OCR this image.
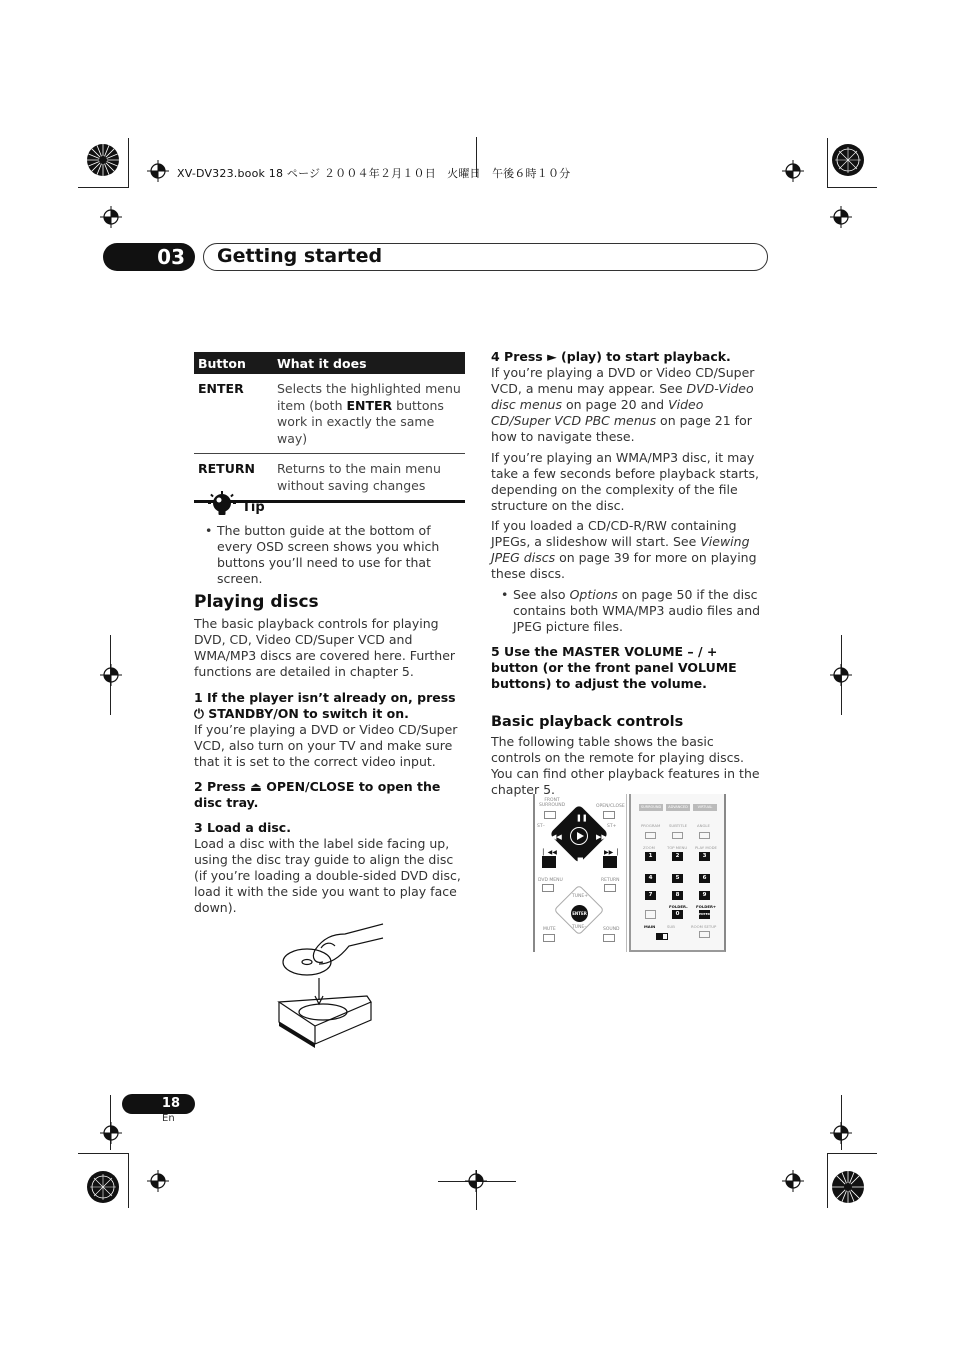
XV-DV323.book 18 ページ ２００４年２月１０日　火曜日　午後６時１０分
03	Getting started
Button	What it does
ENTER	Selects the highlighted menu item (both ENTER buttons work in exactly the same way)
RETURN	Returns to the main menu without saving changes
Tip
• The button guide at the bottom of every OSD screen shows you which buttons you’ll need to use for that screen.
Playing discs
The basic playback controls for playing DVD, CD, Video CD/Super VCD and WMA/MP3 discs are covered here. Further functions are detailed in chapter 5.
1 If the player isn’t already on, press ⏻ STANDBY/ON to switch it on.
If you’re playing a DVD or Video CD/Super VCD, also turn on your TV and make sure that it is set to the correct video input.
2 Press ⏏ OPEN/CLOSE to open the disc tray.
3 Load a disc.
Load a disc with the label side facing up, using the disc tray guide to align the disc (if you’re loading a double-sided DVD disc, load it with the side you want to play face down).
4 Press ► (play) to start playback.
If you’re playing a DVD or Video CD/Super VCD, a menu may appear. See DVD-Video disc menus on page 20 and Video CD/Super VCD PBC menus on page 21 for how to navigate these.
If you’re playing an WMA/MP3 disc, it may take a few seconds before playback starts, depending on the complexity of the file structure on the disc.
If you loaded a CD/CD-R/RW containing JPEGs, a slideshow will start. See Viewing JPEG discs on page 39 for more on playing these discs.
• See also Options on page 50 if the disc contains both WMA/MP3 audio files and JPEG picture files.
5 Use the MASTER VOLUME – / + button (or the front panel VOLUME buttons) to adjust the volume.
Basic playback controls
The following table shows the basic controls on the remote for playing discs. You can find other playback features in the chapter 5.
FRONT SURROUND	OPEN/CLOSE
ST–	ST+
❚❚
■
◀◀	▶▶
▏◀◀	▶▶▕
DVD MENU	RETURN
TUNE+
TUNE–
ENTER
MUTE	SOUND
SURROUND	ADVANCED	VIRTUAL
PROGRAM SUBTITLE	ANGLE
ZOOM	TOP MENU PLAY MODE
1	2	3
4	5	6
7	8	9
0	ENTER
FOLDER– FOLDER+
MAIN	SUB	ROOM SETUP
18
En
